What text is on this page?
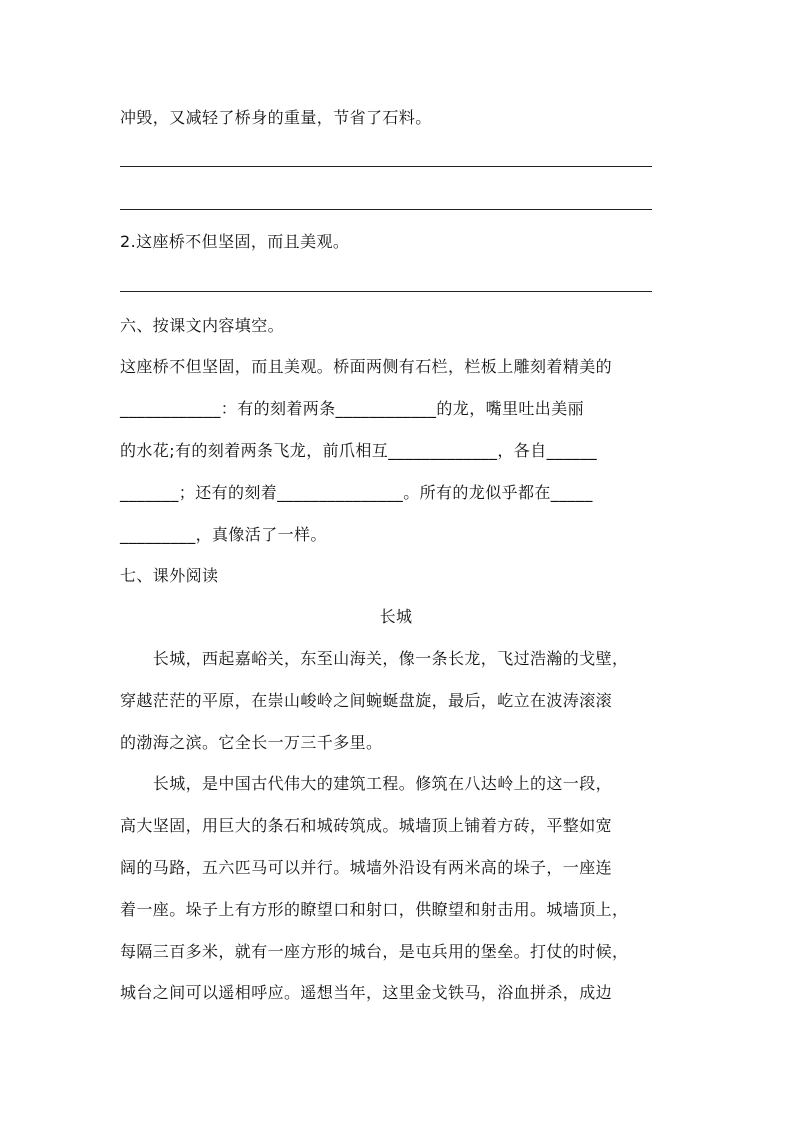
冲毁，又减轻了桥身的重量，节省了石料。
2.这座桥不但坚固，而且美观。
六、按课文内容填空。
这座桥不但坚固，而且美观。桥面两侧有石栏，栏板上雕刻着精美的
____________：有的刻着两条____________的龙，嘴里吐出美丽
的水花;有的刻着两条飞龙，前爪相互_____________，各自______
_______；还有的刻着_______________。所有的龙似乎都在_____
_________，真像活了一样。
七、课外阅读
长城
　　长城，西起嘉峪关，东至山海关，像一条长龙，飞过浩瀚的戈壁，
穿越茫茫的平原，在崇山峻岭之间蜿蜒盘旋，最后，屹立在波涛滚滚
的渤海之滨。它全长一万三千多里。
　　长城，是中国古代伟大的建筑工程。修筑在八达岭上的这一段，
高大坚固，用巨大的条石和城砖筑成。城墙顶上铺着方砖，平整如宽
阔的马路，五六匹马可以并行。城墙外沿设有两米高的垛子，一座连
着一座。垛子上有方形的瞭望口和射口，供瞭望和射击用。城墙顶上，
每隔三百多米，就有一座方形的城台，是屯兵用的堡垒。打仗的时候，
城台之间可以遥相呼应。遥想当年，这里金戈铁马，浴血拼杀，成边
